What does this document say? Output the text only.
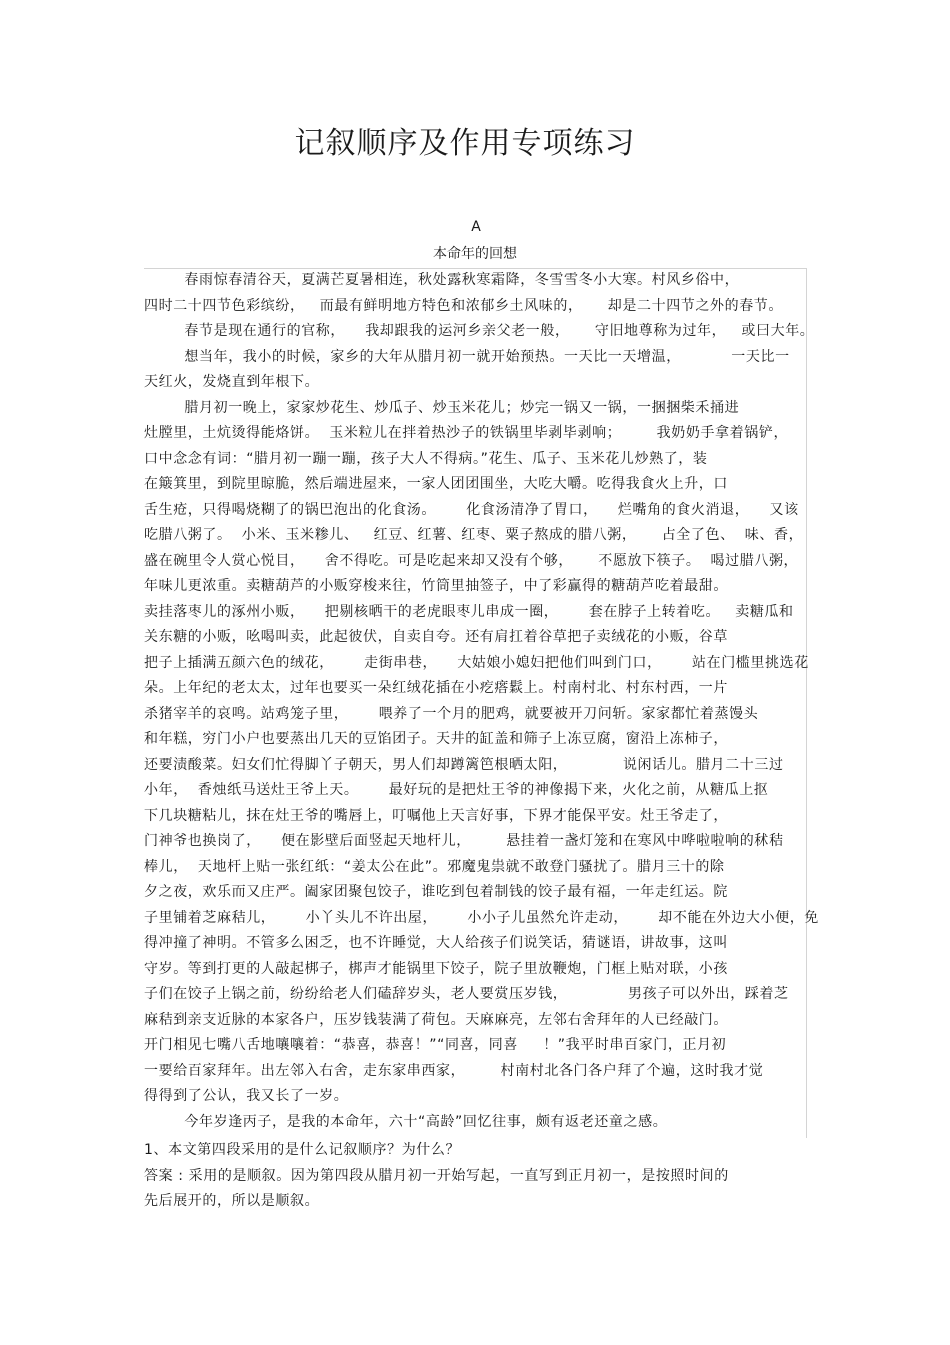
记叙顺序及作用专项练习
A
本命年的回想
春雨惊春清谷天，夏满芒夏暑相连，秋处露秋寒霜降，冬雪雪冬小大寒。村风乡俗中，
四时二十四节色彩缤纷，   而最有鲜明地方特色和浓郁乡土风味的，     却是二十四节之外的春节。
春节是现在通行的官称，    我却跟我的运河乡亲父老一般，     守旧地尊称为过年，   或曰大年。
想当年，我小的时候，家乡的大年从腊月初一就开始预热。一天比一天增温，          一天比一
天红火，发烧直到年根下。
腊月初一晚上，家家炒花生、炒瓜子、炒玉米花儿；炒完一锅又一锅，一捆捆柴禾捅进
灶膛里，土炕烫得能烙饼。  玉米粒儿在拌着热沙子的铁锅里毕剥毕剥响；       我奶奶手拿着锅铲，
口中念念有词：“腊月初一蹦一蹦，孩子大人不得病。”花生、瓜子、玉米花儿炒熟了，装
在簸箕里，到院里晾脆，然后端进屋来，一家人团团围坐，大吃大嚼。吃得我食火上升，口
舌生疮，只得喝烧糊了的锅巴泡出的化食汤。      化食汤清净了胃口，    烂嘴角的食火消退，    又该
吃腊八粥了。  小米、玉米糁儿、   红豆、红薯、红枣、粟子熬成的腊八粥，     占全了色、  味、香，
盛在碗里令人赏心悦目，    舍不得吃。可是吃起来却又没有个够，     不愿放下筷子。  喝过腊八粥，
年味儿更浓重。卖糖葫芦的小贩穿梭来往，竹筒里抽签子，中了彩赢得的糖葫芦吃着最甜。
卖挂落枣儿的涿州小贩，    把剔核晒干的老虎眼枣儿串成一圈，      套在脖子上转着吃。   卖糖瓜和
关东糖的小贩，吆喝叫卖，此起彼伏，自卖自夸。还有肩扛着谷草把子卖绒花的小贩，谷草
把子上插满五颜六色的绒花，      走街串巷，    大姑娘小媳妇把他们叫到门口，      站在门槛里挑选花
朵。上年纪的老太太，过年也要买一朵红绒花插在小疙瘩鬏上。村南村北、村东村西，一片
杀猪宰羊的哀鸣。站鸡笼子里，      喂养了一个月的肥鸡，就要被开刀问斩。家家都忙着蒸馒头
和年糕，穷门小户也要蒸出几天的豆馅团子。天井的缸盖和筛子上冻豆腐，窗沿上冻柿子，
还要渍酸菜。妇女们忙得脚丫子朝天，男人们却蹲篱笆根晒太阳，           说闲话儿。腊月二十三过
小年，  香烛纸马送灶王爷上天。      最好玩的是把灶王爷的神像揭下来，火化之前，从糖瓜上抠
下几块糖粘儿，抹在灶王爷的嘴唇上，叮嘱他上天言好事，下界才能保平安。灶王爷走了，
门神爷也换岗了，    便在影壁后面竖起天地杆儿，       悬挂着一盏灯笼和在寒风中哗啦啦响的秫秸
棒儿，  天地杆上贴一张红纸：“姜太公在此”。邪魔鬼祟就不敢登门骚扰了。腊月三十的除
夕之夜，欢乐而又庄严。阖家团聚包饺子，谁吃到包着制钱的饺子最有福，一年走红运。院
子里铺着芝麻秸儿，      小丫头儿不许出屋，      小小子儿虽然允许走动，      却不能在外边大小便，免
得冲撞了神明。不管多么困乏，也不许睡觉，大人给孩子们说笑话，猜谜语，讲故事，这叫
守岁。等到打更的人敲起梆子，梆声才能锅里下饺子，院子里放鞭炮，门框上贴对联，小孩
子们在饺子上锅之前，纷纷给老人们磕辞岁头，老人要赏压岁钱，            男孩子可以外出，踩着芝
麻秸到亲支近脉的本家各户，压岁钱装满了荷包。天麻麻亮，左邻右舍拜年的人已经敲门。
开门相见七嘴八舌地嚷嚷着：“恭喜，恭喜！”“同喜，同喜     ！”我平时串百家门，正月初
一要给百家拜年。出左邻入右舍，走东家串西家，       村南村北各门各户拜了个遍，这时我才觉
得得到了公认，我又长了一岁。
今年岁逢丙子，是我的本命年，六十“高龄”回忆往事，颇有返老还童之感。
1、本文第四段采用的是什么记叙顺序？为什么？
答案 : 采用的是顺叙。因为第四段从腊月初一开始写起，一直写到正月初一，是按照时间的
先后展开的，所以是顺叙。
